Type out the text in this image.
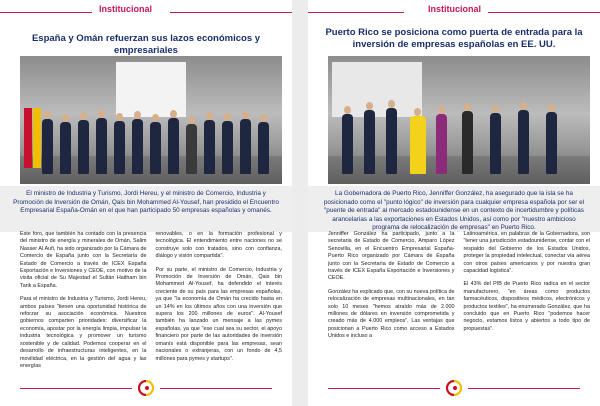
Institucional
España y Omán refuerzan sus lazos económicos y empresariales
El ministro de Industria y Turismo, Jordi Hereu, y el ministro de Comercio, Industria y Promoción de Inversión de Omán, Qais bin Mohammed Al-Yousef, han presidido el Encuentro Empresarial España-Omán en el que han participado 50 empresas españolas y omanés.

Este foro, que también ha contado con la presencia del ministro de energía y minerales de Omán, Salim Nasser Al Aufi, ha sido organizado por la Cámara de Comercio de España junto con la Secretaría de Estado de Comercio a través de ICEX España Exportación e Inversiones y CEOE, con motivo de la visita oficial de Su Majestad el Sultán Haitham bin Tarik a España.

Para el ministro de Industria y Turismo, Jordi Hereu, ambos países "tienen una oportunidad histórica de reforzar su asociación económica. Nuestros gobiernos comparten prioridades: diversificar la economía, apostar por la energía limpia, impulsar la industria tecnológica y promover un turismo sostenible y de calidad. Podemos cooperar en el desarrollo de infraestructuras inteligentes, en la movilidad eléctrica, en la gestión del agua y las energías

renovables, o en la formación profesional y tecnológica. El entendimiento entre naciones no se construye solo con tratados, sino con confianza, diálogo y visión compartida".

Por su parte, el ministro de Comercio, Industria y Promoción de Inversión de Omán, Qais bin Mohammed Al-Yousef, ha defendido el interés creciente de su país para las empresas españolas, ya que "la economía de Omán ha crecido hasta en un 14% en los últimos años con una inversión que supera los 200 millones de euros". Al-Yousef también ha lanzado un mensaje a las pymes españolas, ya que "ese cual sea su sector, el apoyo financiero por parte de las autoridades de inversión omanís está disponible para las empresas, sean nacionales o extranjeras, con un fondo de 4,5 millones para pymes y startups".

Institucional
Puerto Rico se posiciona como puerta de entrada para la inversión de empresas españolas en EE. UU.
La Gobernadora de Puerto Rico, Jenniffer González, ha asegurado que la isla se ha posicionado como el "punto lógico" de inversión para cualquier empresa española por ser el "puente de entrada" al mercado estadounidense en un contexto de incertidumbre y políticas arancelarias a las exportaciones en Estados Unidos, así como por "nuestro ambicioso programa de relocalización de empresas" en Puerto Rico.

Jenniffer González ha participado, junto a la secretaria de Estado de Comercio, Amparo López Senovilla, en el Encuentro Empresarial España-Puerto Rico organizado por Cámara de España junto con la Secretaría de Estado de Comercio a través de ICEX España Exportación e Inversiones y CEOE.

González ha explicado que, con su nueva política de relocalización de empresas multinacionales, en tan solo 10 meses "hemos atraído más de 2.000 millones de dólares en inversión comprometida y creado más de 4.000 empleos". Las ventajas que posicionan a Puerto Rico como acceso a Estados Unidos e incluso a

Latinoamérica, en palabras de la Gobernadora, son "tener una jurisdicción estadounidense, contar con el respaldo del Gobierno de los Estados Unidos, proteger la propiedad intelectual, conectar vía aérea con otros países americanos y por nuestra gran capacidad logística".

El 43% del PIB de Puerto Rico radica en el sector manufacturero, "en áreas como productos farmacéuticos, dispositivos médicos, electrónicos y productos textiles", ha enumerado González, que ha concluido que en Puerto Rico "podemos hacer negocio, estamos listos y abiertos a todo tipo de propuestas".
